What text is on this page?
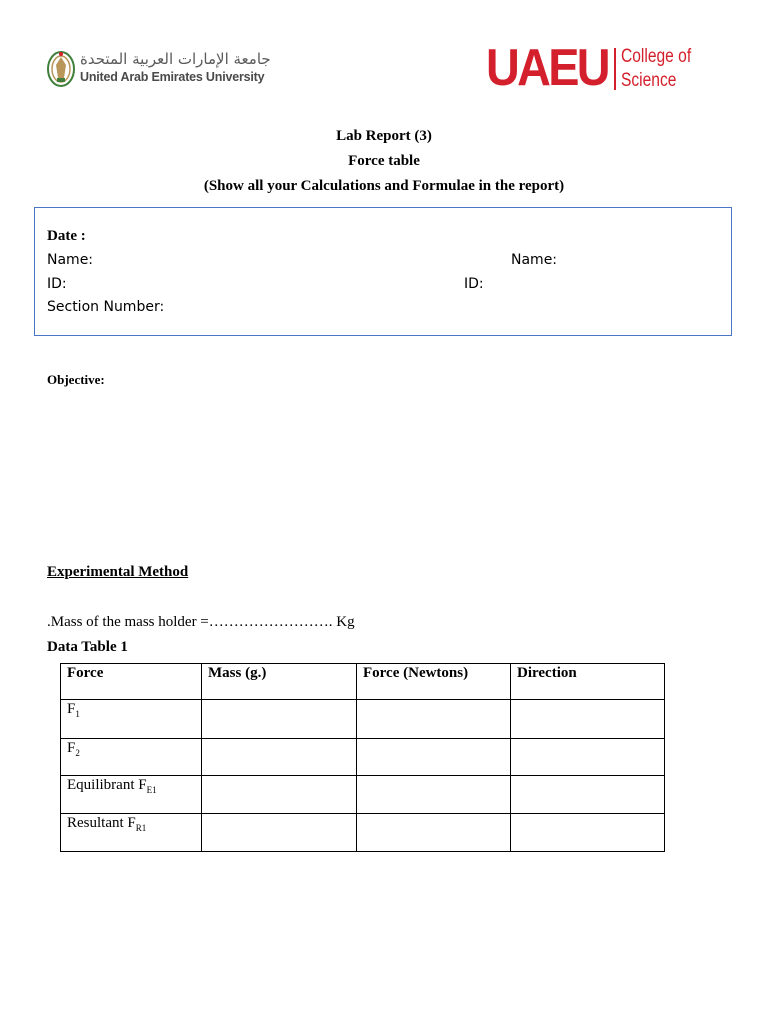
جامعة الإمارات العربية المتحدة
United Arab Emirates University	UAEU College of
Science
Lab Report (3)
Force table
(Show all your Calculations and Formulae in the report)
Date :
Name:	Name:
ID:	ID:
Section Number:
Objective:
Experimental Method
.Mass of the mass holder =……………………. Kg
Data Table 1
Force	Mass (g.)	Force (Newtons)	Direction
$F_1$			
$F_2$			
Equilibrant $F_{E1}$			
Resultant $F_{R1}$			
